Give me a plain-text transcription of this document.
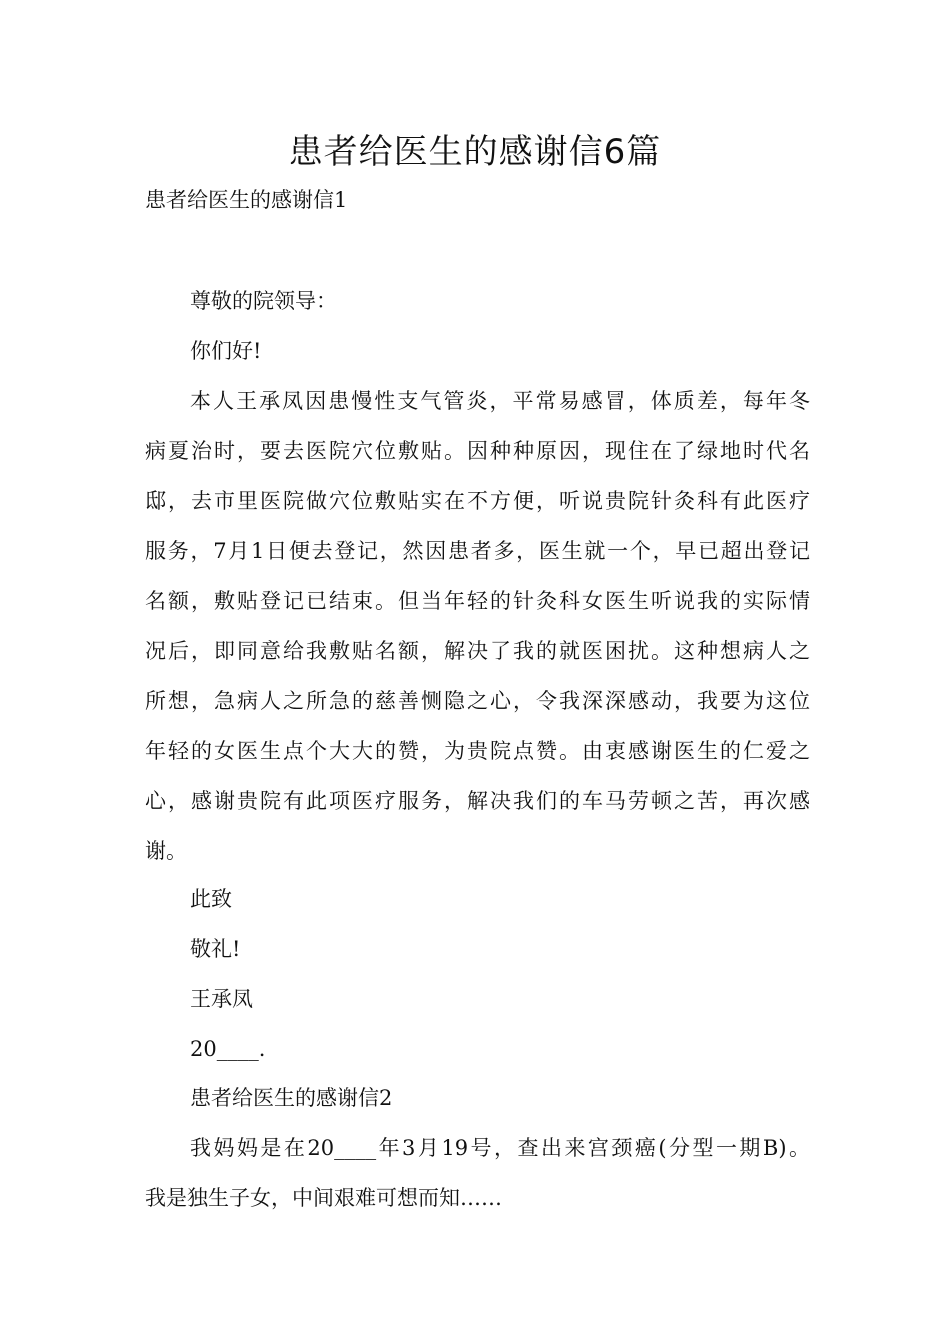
患者给医生的感谢信6篇

患者给医生的感谢信1

尊敬的院领导：

你们好!

本人王承凤因患慢性支气管炎，平常易感冒，体质差，每年冬

病夏治时，要去医院穴位敷贴。因种种原因，现住在了绿地时代名

邸，去市里医院做穴位敷贴实在不方便，听说贵院针灸科有此医疗

服务，7月1日便去登记，然因患者多，医生就一个，早已超出登记

名额，敷贴登记已结束。但当年轻的针灸科女医生听说我的实际情

况后，即同意给我敷贴名额，解决了我的就医困扰。这种想病人之

所想，急病人之所急的慈善恻隐之心，令我深深感动，我要为这位

年轻的女医生点个大大的赞，为贵院点赞。由衷感谢医生的仁爱之

心，感谢贵院有此项医疗服务，解决我们的车马劳顿之苦，再次感

谢。

此致

敬礼!

王承凤

20____.

患者给医生的感谢信2

我妈妈是在20____年3月19号，查出来宫颈癌(分型一期B)。

我是独生子女，中间艰难可想而知……
